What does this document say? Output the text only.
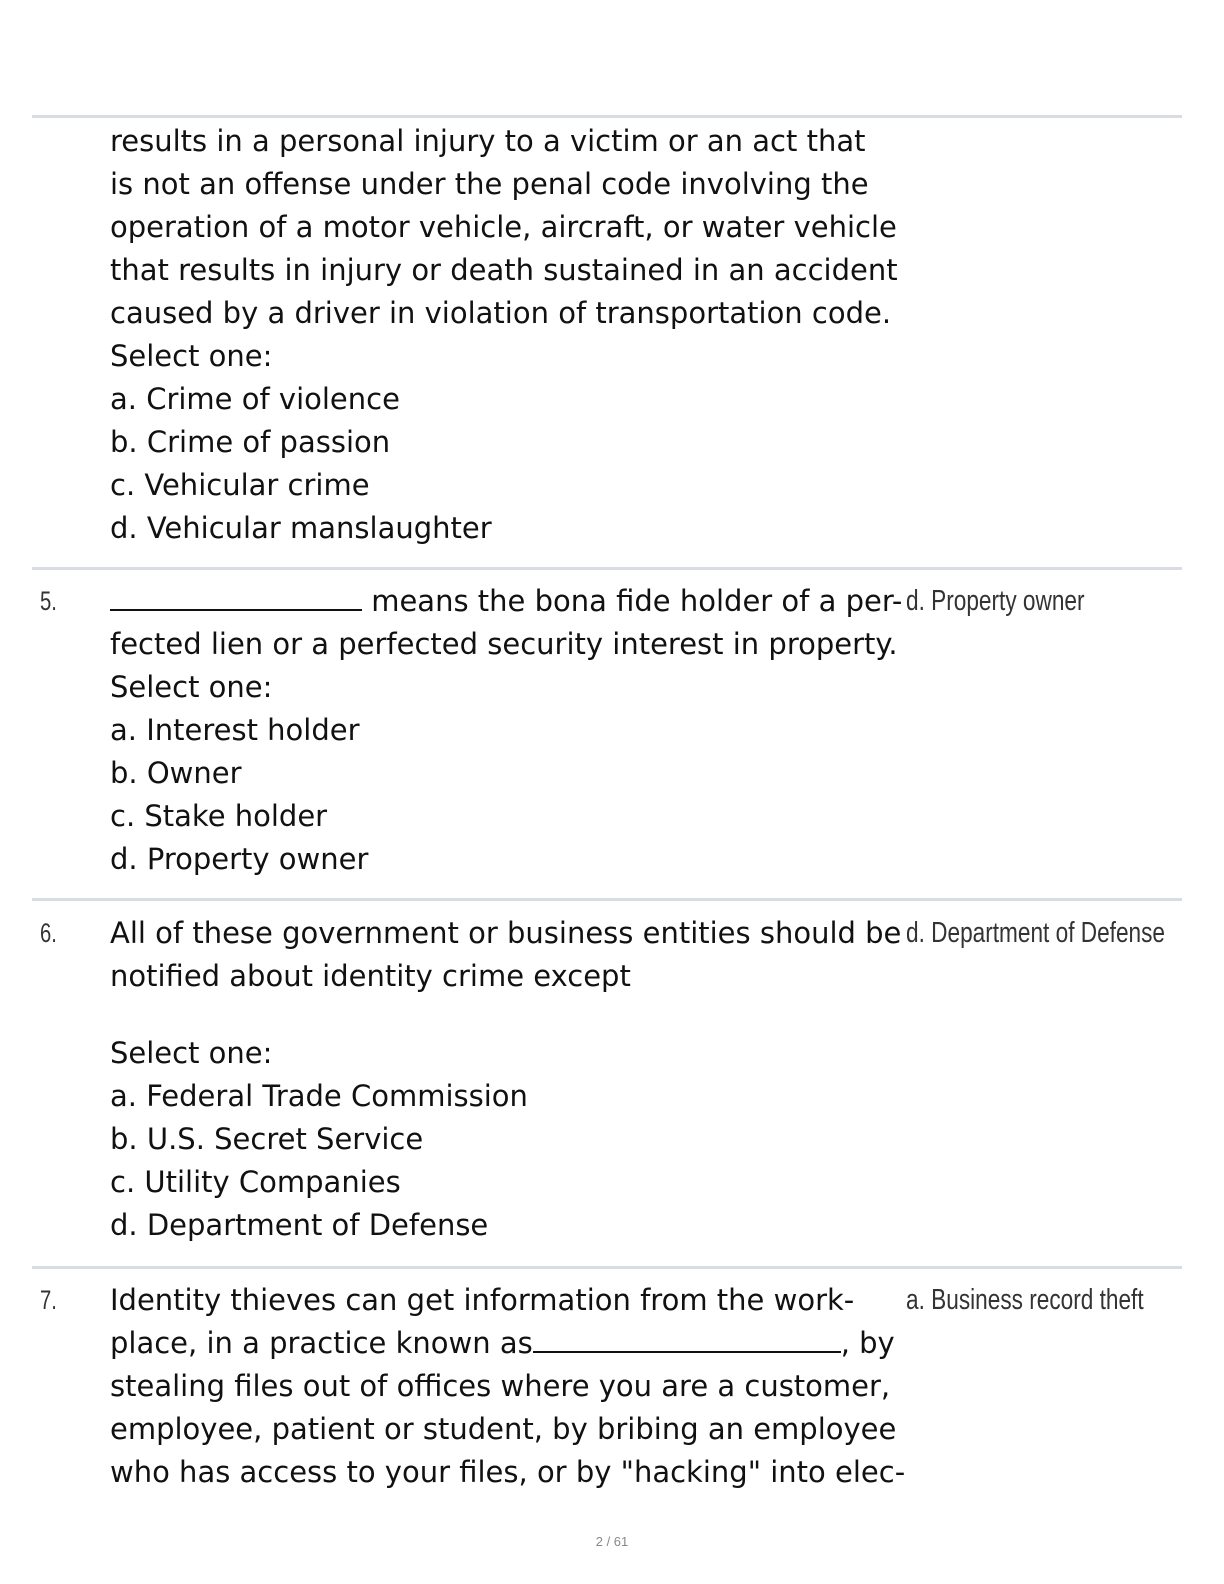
results in a personal injury to a victim or an act that
is not an offense under the penal code involving the
operation of a motor vehicle, aircraft, or water vehicle
that results in injury or death sustained in an accident
caused by a driver in violation of transportation code.
Select one:
a. Crime of violence
b. Crime of passion
c. Vehicular crime
d. Vehicular manslaughter
5.	means the bona fide holder of a per-
fected lien or a perfected security interest in property.
Select one:
a. Interest holder
b. Owner
c. Stake holder
d. Property owner
d. Property owner
6. All of these government or business entities should be
notified about identity crime except
Select one:
a. Federal Trade Commission
b. U.S. Secret Service
c. Utility Companies
d. Department of Defense
d. Department of Defense
7. Identity thieves can get information from the work-
place, in a practice known as	, by
stealing files out of offices where you are a customer,
employee, patient or student, by bribing an employee
who has access to your files, or by "hacking" into elec-
a. Business record theft
2 / 61
